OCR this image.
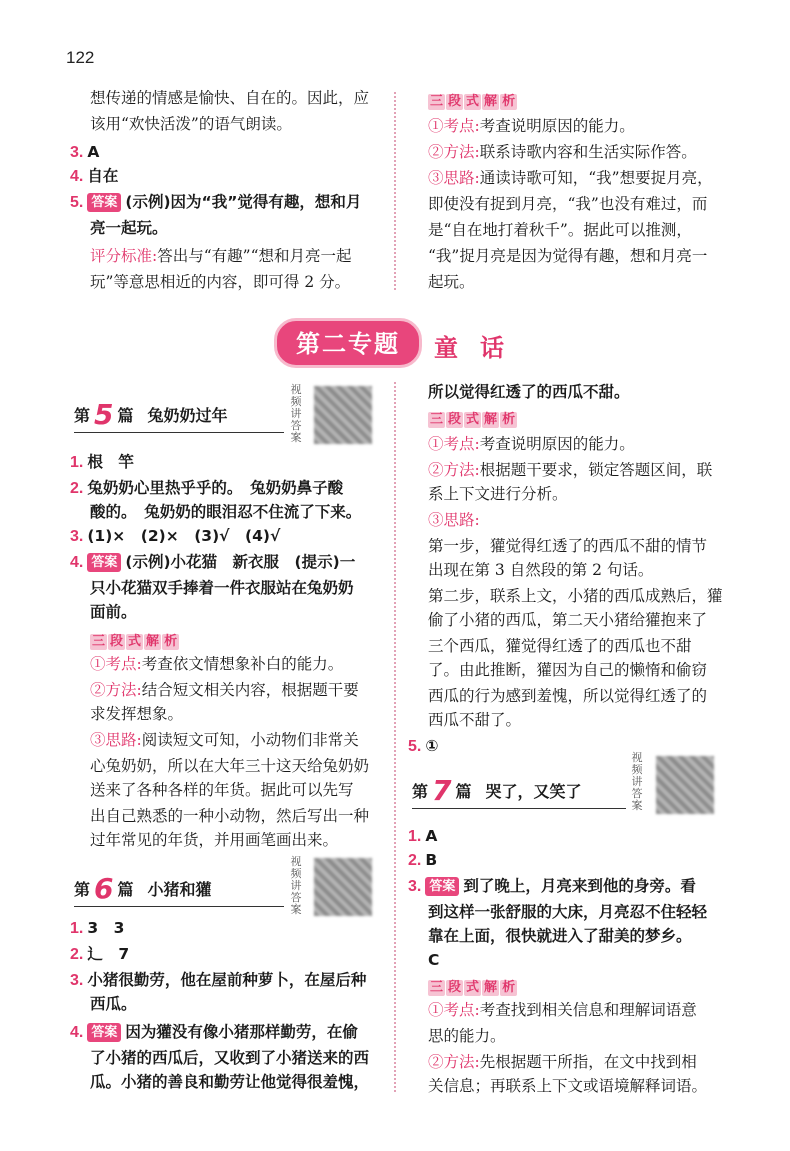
122
想传递的情感是愉快、自在的。因此，应
该用“欢快活泼”的语气朗读。
3. A
4. 自在
5. 答案 (示例)因为“我”觉得有趣，想和月
亮一起玩。
评分标准:答出与“有趣”“想和月亮一起
玩”等意思相近的内容，即可得 2 分。
三 段 式 解 析
①考点:考查说明原因的能力。
②方法:联系诗歌内容和生活实际作答。
③思路:通读诗歌可知，“我”想要捉月亮，
即使没有捉到月亮，“我”也没有难过，而
是“自在地打着秋千”。据此可以推测，
“我”捉月亮是因为觉得有趣，想和月亮一
起玩。
第二专题	童话
第 5 篇 兔奶奶过年
视频讲答案
1. 根　竿
2. 兔奶奶心里热乎乎的。　兔奶奶鼻子酸
酸的。　兔奶奶的眼泪忍不住流了下来。
3. (1)×　(2)×　(3)√　(4)√
4. 答案 (示例)小花猫　新衣服　(提示)一
只小花猫双手捧着一件衣服站在兔奶奶
面前。
三 段 式 解 析
①考点:考查依文情想象补白的能力。
②方法:结合短文相关内容，根据题干要
求发挥想象。
③思路:阅读短文可知，小动物们非常关
心兔奶奶，所以在大年三十这天给兔奶奶
送来了各种各样的年货。据此可以先写
出自己熟悉的一种小动物，然后写出一种
过年常见的年货，并用画笔画出来。
第 6 篇 小猪和獾
视频讲答案
1. 3　3
2. 辶　7
3. 小猪很勤劳，他在屋前种萝卜，在屋后种
西瓜。
4. 答案 因为獾没有像小猪那样勤劳，在偷
了小猪的西瓜后，又收到了小猪送来的西
瓜。小猪的善良和勤劳让他觉得很羞愧，
所以觉得红透了的西瓜不甜。
三 段 式 解 析
①考点:考查说明原因的能力。
②方法:根据题干要求，锁定答题区间，联
系上下文进行分析。
③思路:
第一步，獾觉得红透了的西瓜不甜的情节
出现在第 3 自然段的第 2 句话。
第二步，联系上文，小猪的西瓜成熟后，獾
偷了小猪的西瓜，第二天小猪给獾抱来了
三个西瓜，獾觉得红透了的西瓜也不甜
了。由此推断，獾因为自己的懒惰和偷窃
西瓜的行为感到羞愧，所以觉得红透了的
西瓜不甜了。
5. ①
第 7 篇 哭了，又笑了
视频讲答案
1. A
2. B
3. 答案 到了晚上，月亮来到他的身旁。看
到这样一张舒服的大床，月亮忍不住轻轻
靠在上面，很快就进入了甜美的梦乡。
C
三 段 式 解 析
①考点:考查找到相关信息和理解词语意
思的能力。
②方法:先根据题干所指，在文中找到相
关信息；再联系上下文或语境解释词语。
